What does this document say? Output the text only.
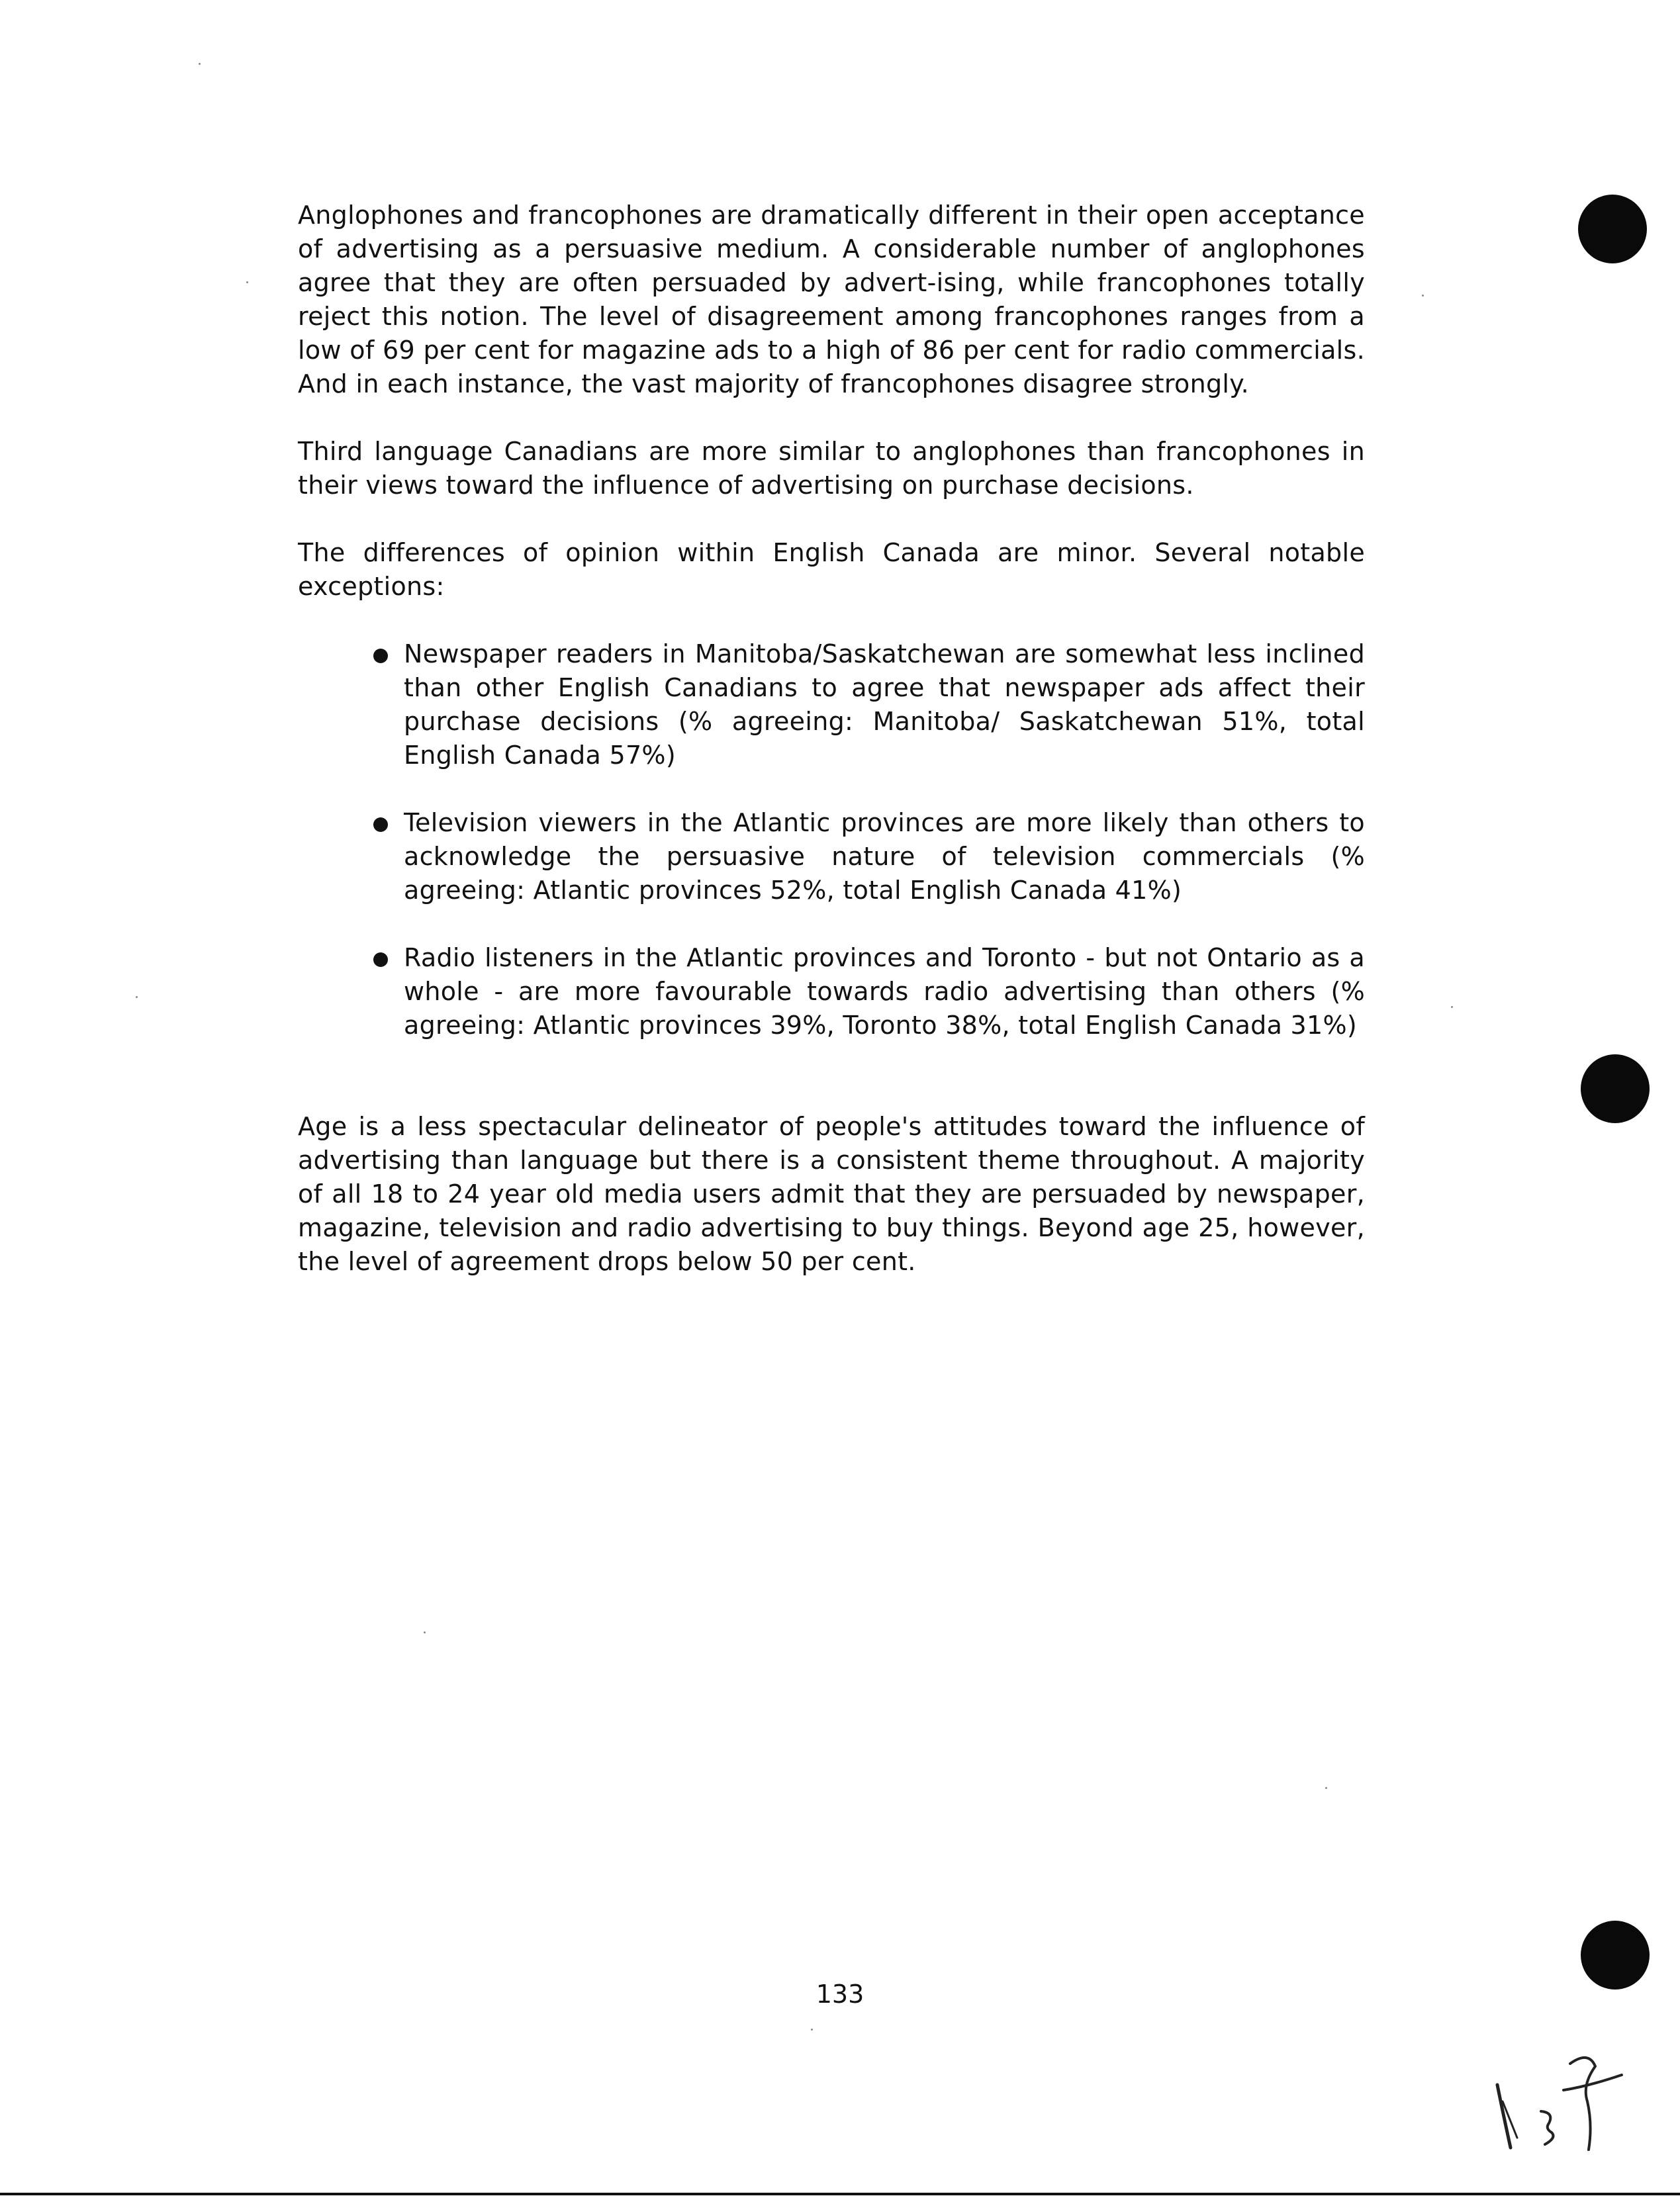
Anglophones and francophones are dramatically different in their open acceptance of advertising as a persuasive medium. A considerable number of anglophones agree that they are often persuaded by advert-ising, while francophones totally reject this notion. The level of disagreement among francophones ranges from a low of 69 per cent for magazine ads to a high of 86 per cent for radio commercials. And in each instance, the vast majority of francophones disagree strongly.

Third language Canadians are more similar to anglophones than francophones in their views toward the influence of advertising on purchase decisions.

The differences of opinion within English Canada are minor. Several notable exceptions:

Newspaper readers in Manitoba/Saskatchewan are somewhat less inclined than other English Canadians to agree that newspaper ads affect their purchase decisions (% agreeing: Manitoba/ Saskatchewan 51%, total English Canada 57%)
Television viewers in the Atlantic provinces are more likely than others to acknowledge the persuasive nature of television commercials (% agreeing: Atlantic provinces 52%, total English Canada 41%)
Radio listeners in the Atlantic provinces and Toronto - but not Ontario as a whole - are more favourable towards radio advertising than others (% agreeing: Atlantic provinces 39%, Toronto 38%, total English Canada 31%)

Age is a less spectacular delineator of people's attitudes toward the influence of advertising than language but there is a consistent theme throughout. A majority of all 18 to 24 year old media users admit that they are persuaded by newspaper, magazine, television and radio advertising to buy things. Beyond age 25, however, the level of agreement drops below 50 per cent.

133
